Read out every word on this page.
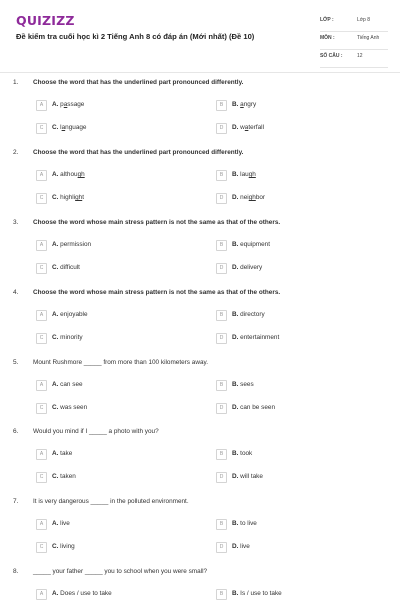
QUIZIZZ
Đề kiểm tra cuối học kì 2 Tiếng Anh 8 có đáp án (Mới nhất) (Đề 10)
LỚP :	Lớp 8
MÔN :	Tiếng Anh
SỐ CÂU :	12
1. Choose the word that has the underlined part pronounced differently.
A	A. passage	B	B. angry
C	C. language	D	D. waterfall
2. Choose the word that has the underlined part pronounced differently.
A	A. although	B	B. laugh
C	C. highlight	D	D. neighbor
3. Choose the word whose main stress pattern is not the same as that of the others.
A	A. permission	B	B. equipment
C	C. difficult	D	D. delivery
4. Choose the word whose main stress pattern is not the same as that of the others.
A	A. enjoyable	B	B. directory
C	C. minority	D	D. entertainment
5. Mount Rushmore _____ from more than 100 kilometers away.
A	A. can see	B	B. sees
C	C. was seen	D	D. can be seen
6. Would you mind if I _____ a photo with you?
A	A. take	B	B. took
C	C. taken	D	D. will take
7. It is very dangerous _____ in the polluted environment.
A	A. live	B	B. to live
C	C. living	D	D. live
8. _____ your father _____ you to school when you were small?
A	A. Does / use to take	B	B. Is / use to take
